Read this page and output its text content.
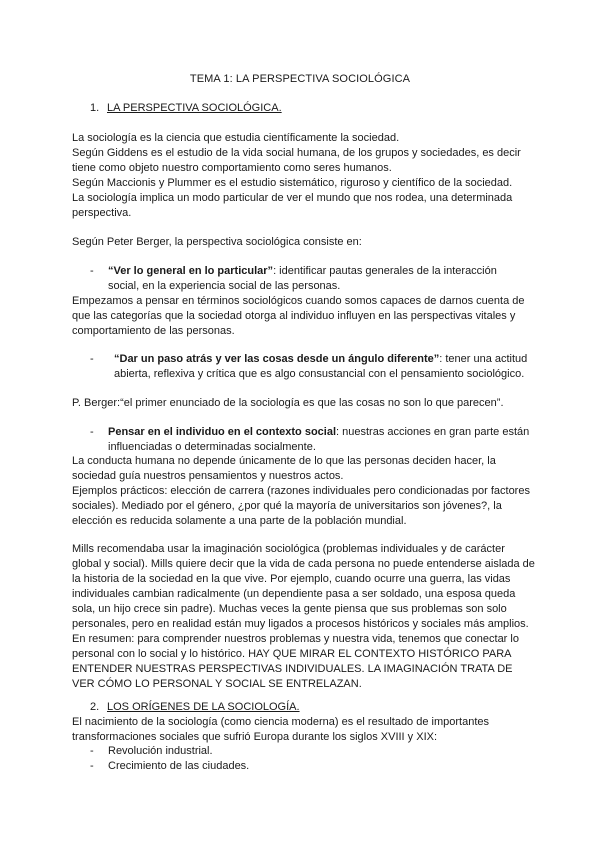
TEMA 1: LA PERSPECTIVA SOCIOLÓGICA
1. LA PERSPECTIVA SOCIOLÓGICA.

La sociología es la ciencia que estudia científicamente la sociedad.

Según Giddens es el estudio de la vida social humana, de los grupos y sociedades, es decir tiene como objeto nuestro comportamiento como seres humanos.

Según Maccionis y Plummer es el estudio sistemático, riguroso y científico de la sociedad.

La sociología implica un modo particular de ver el mundo que nos rodea, una determinada perspectiva.

Según Peter Berger, la perspectiva sociológica consiste en:

- “Ver lo general en lo particular”: identificar pautas generales de la interacción social, en la experiencia social de las personas.

Empezamos a pensar en términos sociológicos cuando somos capaces de darnos cuenta de que las categorías que la sociedad otorga al individuo influyen en las perspectivas vitales y comportamiento de las personas.

- “Dar un paso atrás y ver las cosas desde un ángulo diferente”: tener una actitud abierta, reflexiva y crítica que es algo consustancial con el pensamiento sociológico.

P. Berger:“el primer enunciado de la sociología es que las cosas no son lo que parecen”.

- Pensar en el individuo en el contexto social: nuestras acciones en gran parte están influenciadas o determinadas socialmente.

La conducta humana no depende únicamente de lo que las personas deciden hacer, la sociedad guía nuestros pensamientos y nuestros actos.

Ejemplos prácticos: elección de carrera (razones individuales pero condicionadas por factores sociales). Mediado por el género, ¿por qué la mayoría de universitarios son jóvenes?, la elección es reducida solamente a una parte de la población mundial.

Mills recomendaba usar la imaginación sociológica (problemas individuales y de carácter global y social). Mills quiere decir que la vida de cada persona no puede entenderse aislada de la historia de la sociedad en la que vive. Por ejemplo, cuando ocurre una guerra, las vidas individuales cambian radicalmente (un dependiente pasa a ser soldado, una esposa queda sola, un hijo crece sin padre). Muchas veces la gente piensa que sus problemas son solo personales, pero en realidad están muy ligados a procesos históricos y sociales más amplios. En resumen: para comprender nuestros problemas y nuestra vida, tenemos que conectar lo personal con lo social y lo histórico. HAY QUE MIRAR EL CONTEXTO HISTÓRICO PARA ENTENDER NUESTRAS PERSPECTIVAS INDIVIDUALES. LA IMAGINACIÓN TRATA DE VER CÓMO LO PERSONAL Y SOCIAL SE ENTRELAZAN.

2. LOS ORÍGENES DE LA SOCIOLOGÍA.

El nacimiento de la sociología (como ciencia moderna) es el resultado de importantes transformaciones sociales que sufrió Europa durante los siglos XVIII y XIX:

- Revolución industrial.
- Crecimiento de las ciudades.
